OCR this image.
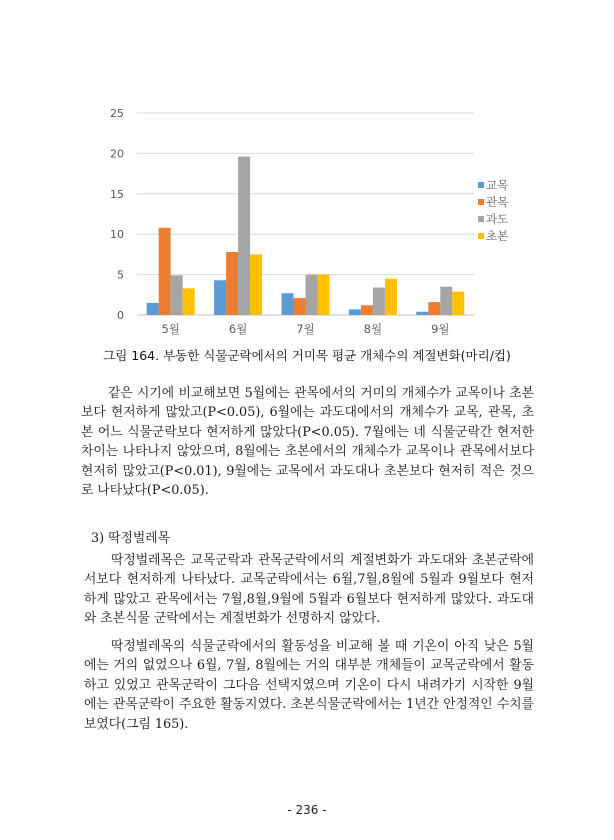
0
5
10
15
20
25
5월	6월	7월	8월	9월
교목
관목
과도
초본
그림 164. 부동한 식물군락에서의 거미목 평균 개체수의 계절변화(마리/컵)

같은 시기에 비교해보면 5월에는 관목에서의 거미의 개체수가 교목이나 초본보다 현저하게 많았고(P<0.05), 6월에는 과도대에서의 개체수가 교목, 관목, 초본 어느 식물군락보다 현저하게 많았다(P<0.05). 7월에는 네 식물군락간 현저한 차이는 나타나지 않았으며, 8월에는 초본에서의 개체수가 교목이나 관목에서보다 현저히 많았고(P<0.01), 9월에는 교목에서 과도대나 초본보다 현저히 적은 것으로 나타났다(P<0.05).

3) 딱정벌레목

딱정벌레목은 교목군락과 관목군락에서의 계절변화가 과도대와 초본군락에서보다 현저하게 나타났다. 교목군락에서는 6월,7월,8월에 5월과 9월보다 현저하게 많았고 관목에서는 7월,8월,9월에 5월과 6월보다 현저하게 많았다. 과도대와 초본식물 군락에서는 계절변화가 선명하지 않았다.

딱정벌레목의 식물군락에서의 활동성을 비교해 볼 때 기온이 아직 낮은 5월에는 거의 없었으나 6월, 7월, 8월에는 거의 대부분 개체들이 교목군락에서 활동하고 있었고 관목군락이 그다음 선택지였으며 기온이 다시 내려가기 시작한 9월에는 관목군락이 주요한 활동지였다. 초본식물군락에서는 1년간 안정적인 수치를 보였다(그림 165).

- 236 -
